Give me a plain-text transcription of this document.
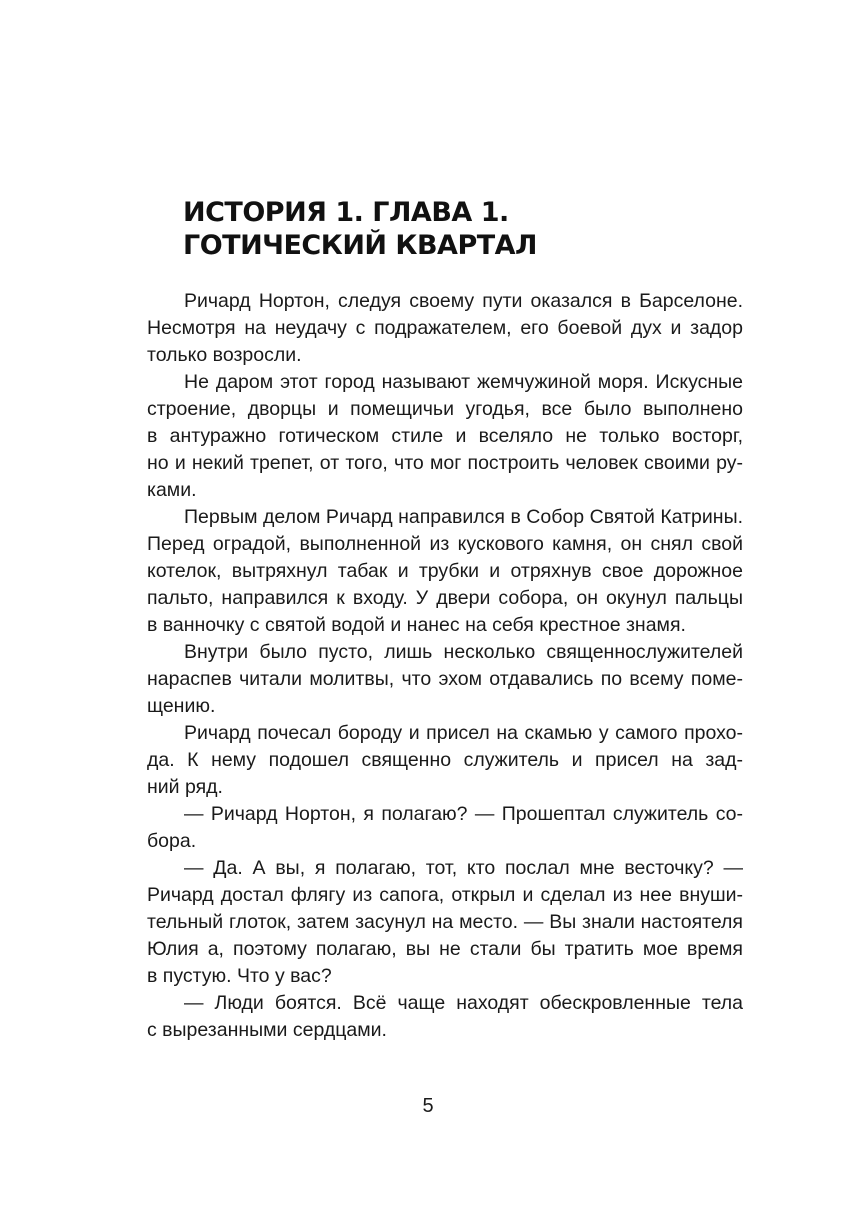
ИСТОРИЯ 1. ГЛАВА 1.
ГОТИЧЕСКИЙ КВАРТАЛ
Ричард Нортон, следуя своему пути оказался в Барселоне.
Несмотря на неудачу с подражателем, его боевой дух и задор
только возросли.
Не даром этот город называют жемчужиной моря. Искусные
строение, дворцы и помещичьи угодья, все было выполнено
в антуражно готическом стиле и вселяло не только восторг,
но и некий трепет, от того, что мог построить человек своими ру-
ками.
Первым делом Ричард направился в Собор Святой Катрины.
Перед оградой, выполненной из кускового камня, он снял свой
котелок, вытряхнул табак и трубки и отряхнув свое дорожное
пальто, направился к входу. У двери собора, он окунул пальцы
в ванночку с святой водой и нанес на себя крестное знамя.
Внутри было пусто, лишь несколько священнослужителей
нараспев читали молитвы, что эхом отдавались по всему поме-
щению.
Ричард почесал бороду и присел на скамью у самого прохо-
да. К нему подошел священно служитель и присел на зад-
ний ряд.
— Ричард Нортон, я полагаю? — Прошептал служитель со-
бора.
— Да. А вы, я полагаю, тот, кто послал мне весточку? —
Ричард достал флягу из сапога, открыл и сделал из нее внуши-
тельный глоток, затем засунул на место. — Вы знали настоятеля
Юлия а, поэтому полагаю, вы не стали бы тратить мое время
в пустую. Что у вас?
— Люди боятся. Всё чаще находят обескровленные тела
с вырезанными сердцами.
5
